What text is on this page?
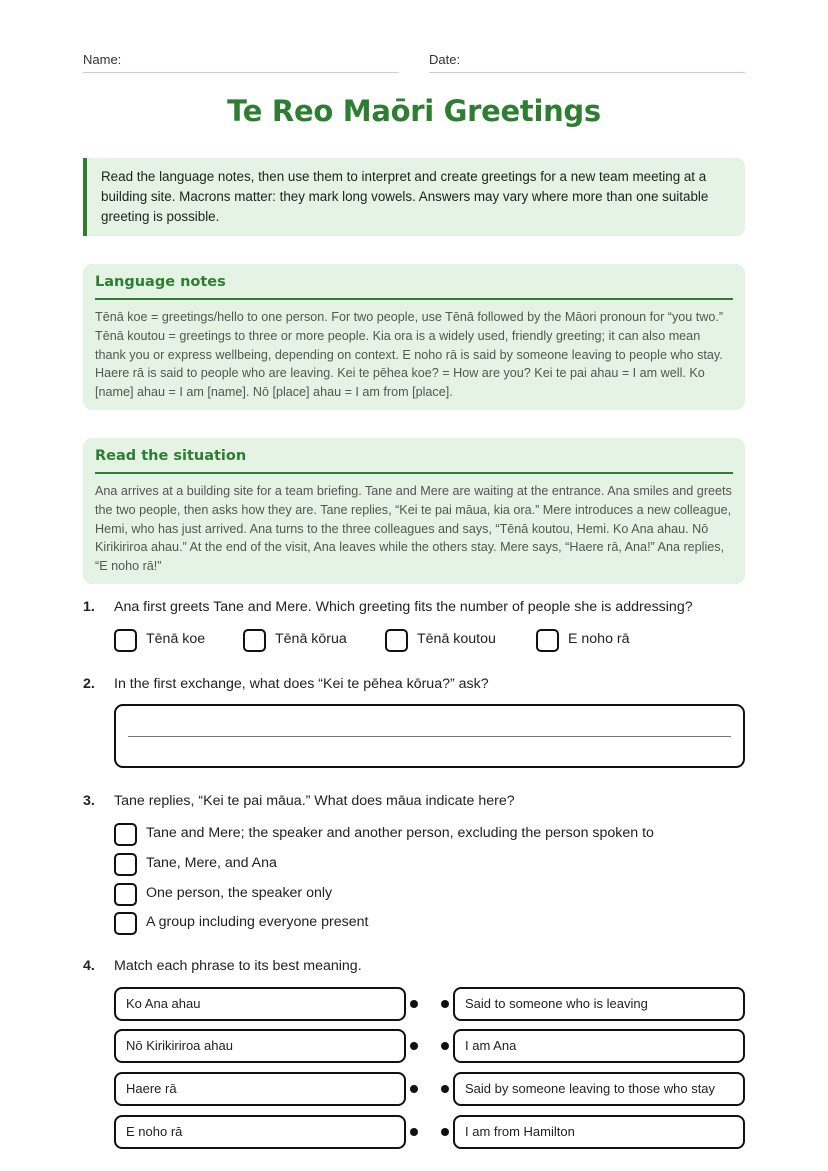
Name:	Date:
Te Reo Maōri Greetings
Read the language notes, then use them to interpret and create greetings for a new team meeting at a building site. Macrons matter: they mark long vowels. Answers may vary where more than one suitable greeting is possible.
Language notes

Tēnā koe = greetings/hello to one person. For two people, use Tēnā followed by the Māori pronoun for “you two.” Tēnā koutou = greetings to three or more people. Kia ora is a widely used, friendly greeting; it can also mean thank you or express wellbeing, depending on context. E noho rā is said by someone leaving to people who stay. Haere rā is said to people who are leaving. Kei te pēhea koe? = How are you? Kei te pai ahau = I am well. Ko [name] ahau = I am [name]. Nō [place] ahau = I am from [place].

Read the situation

Ana arrives at a building site for a team briefing. Tane and Mere are waiting at the entrance. Ana smiles and greets the two people, then asks how they are. Tane replies, “Kei te pai māua, kia ora.” Mere introduces a new colleague, Hemi, who has just arrived. Ana turns to the three colleagues and says, “Tēnā koutou, Hemi. Ko Ana ahau. Nō Kirikiriroa ahau.” At the end of the visit, Ana leaves while the others stay. Mere says, “Haere rā, Ana!” Ana replies, “E noho rā!”

1. Ana first greets Tane and Mere. Which greeting fits the number of people she is addressing?
Tēnā koe	Tēnā kōrua	Tēnā koutou	E noho rā
2. In the first exchange, what does “Kei te pēhea kōrua?” ask?
3. Tane replies, “Kei te pai māua.” What does māua indicate here?
Tane and Mere; the speaker and another person, excluding the person spoken to
Tane, Mere, and Ana
One person, the speaker only
A group including everyone present
4. Match each phrase to its best meaning.
Ko Ana ahau	Said to someone who is leaving
Nō Kirikiriroa ahau	I am Ana
Haere rā	Said by someone leaving to those who stay
E noho rā	I am from Hamilton
